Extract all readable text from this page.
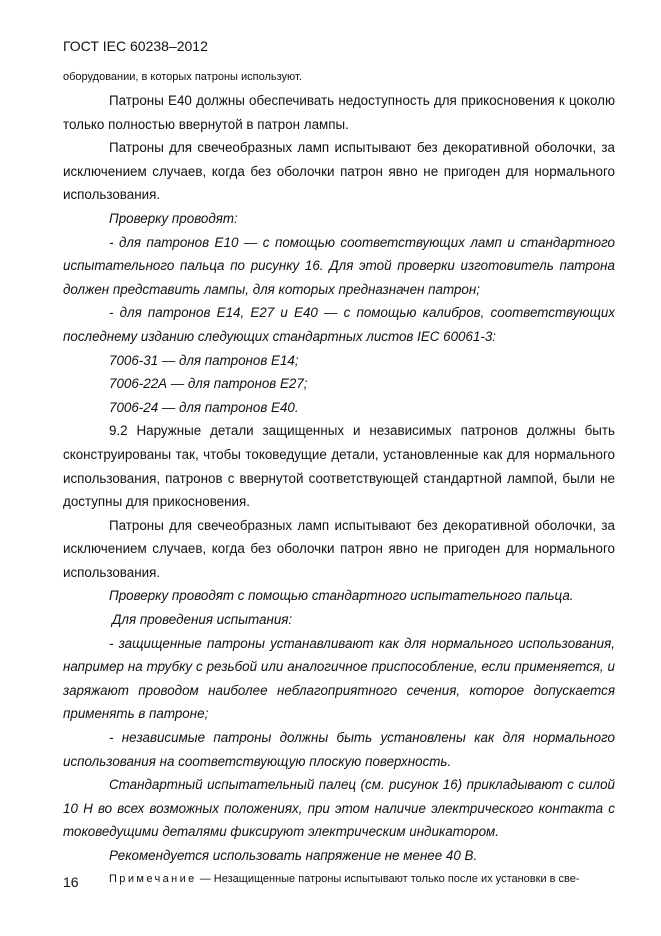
ГОСТ IEC 60238–2012

оборудовании, в которых патроны используют.

Патроны Е40 должны обеспечивать недоступность для прикосновения к цоколю только полностью ввернутой в патрон лампы.

Патроны для свечеобразных ламп испытывают без декоративной оболочки, за исключением случаев, когда без оболочки патрон явно не пригоден для нормального использования.

Проверку проводят:

- для патронов Е10 — с помощью соответствующих ламп и стандартного испытательного пальца по рисунку 16. Для этой проверки изготовитель патрона должен представить лампы, для которых предназначен патрон;

- для патронов Е14, Е27 и Е40 — с помощью калибров, соответствующих последнему изданию следующих стандартных листов IEC 60061-3:

7006-31 — для патронов Е14;

7006-22А — для патронов Е27;

7006-24 — для патронов Е40.

9.2 Наружные детали защищенных и независимых патронов должны быть сконструированы так, чтобы токоведущие детали, установленные как для нормального использования, патронов с ввернутой соответствующей стандартной лампой, были не доступны для прикосновения.

Патроны для свечеобразных ламп испытывают без декоративной оболочки, за исключением случаев, когда без оболочки патрон явно не пригоден для нормального использования.

Проверку проводят с помощью стандартного испытательного пальца.

Для проведения испытания:

- защищенные патроны устанавливают как для нормального использования, например на трубку с резьбой или аналогичное приспособление, если применяется, и заряжают проводом наиболее неблагоприятного сечения, которое допускается применять в патроне;

- независимые патроны должны быть установлены как для нормального использования на соответствующую плоскую поверхность.

Стандартный испытательный палец (см. рисунок 16) прикладывают с силой 10 Н во всех возможных положениях, при этом наличие электрического контакта с токоведущими деталями фиксируют электрическим индикатором.

Рекомендуется использовать напряжение не менее 40 В.

Примечание — Незащищенные патроны испытывают только после их установки в све-

16
